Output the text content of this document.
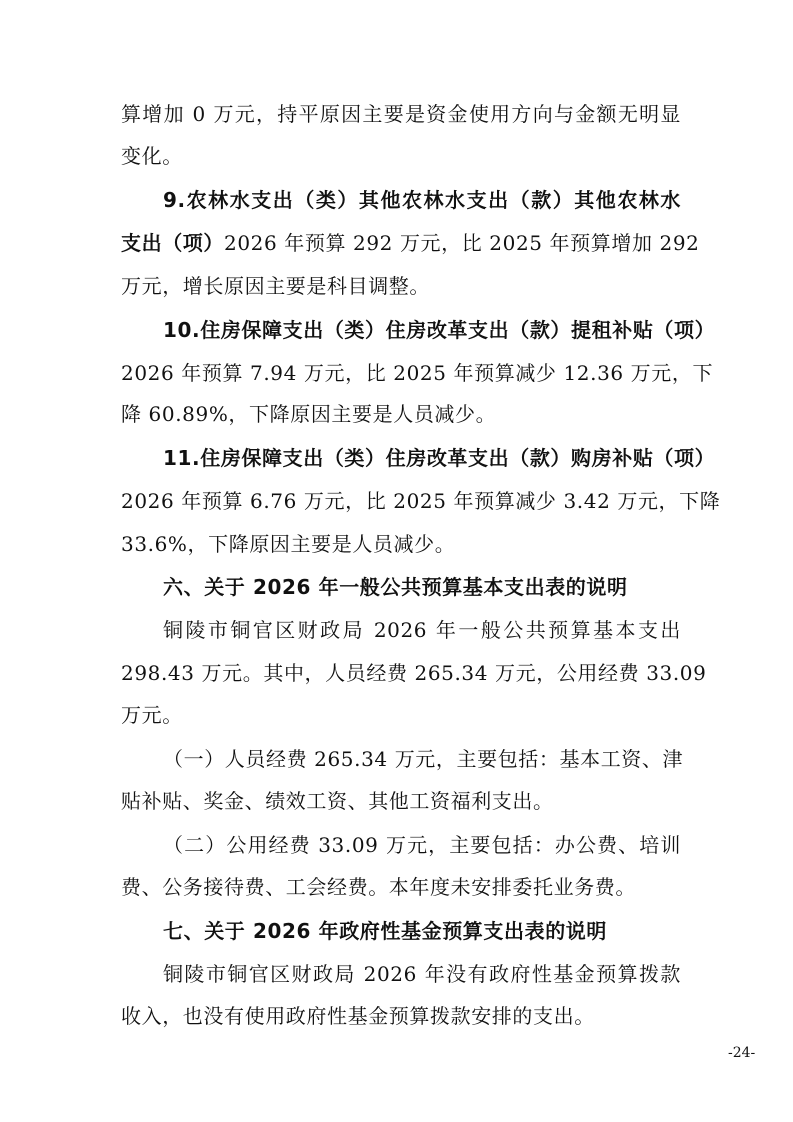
算增加 0 万元，持平原因主要是资金使用方向与金额无明显
变化。
9.农林水支出（类）其他农林水支出（款）其他农林水
支出（项）2026 年预算 292 万元，比 2025 年预算增加 292
万元，增长原因主要是科目调整。
10.住房保障支出（类）住房改革支出（款）提租补贴（项）
2026 年预算 7.94 万元，比 2025 年预算减少 12.36 万元，下
降 60.89%，下降原因主要是人员减少。
11.住房保障支出（类）住房改革支出（款）购房补贴（项）
2026 年预算 6.76 万元，比 2025 年预算减少 3.42 万元，下降
33.6%，下降原因主要是人员减少。
六、关于 2026 年一般公共预算基本支出表的说明
铜陵市铜官区财政局 2026 年一般公共预算基本支出
298.43 万元。其中，人员经费 265.34 万元，公用经费 33.09
万元。
（一）人员经费 265.34 万元，主要包括：基本工资、津
贴补贴、奖金、绩效工资、其他工资福利支出。
（二）公用经费 33.09 万元，主要包括：办公费、培训
费、公务接待费、工会经费。本年度未安排委托业务费。
七、关于 2026 年政府性基金预算支出表的说明
铜陵市铜官区财政局 2026 年没有政府性基金预算拨款
收入，也没有使用政府性基金预算拨款安排的支出。
-24-
